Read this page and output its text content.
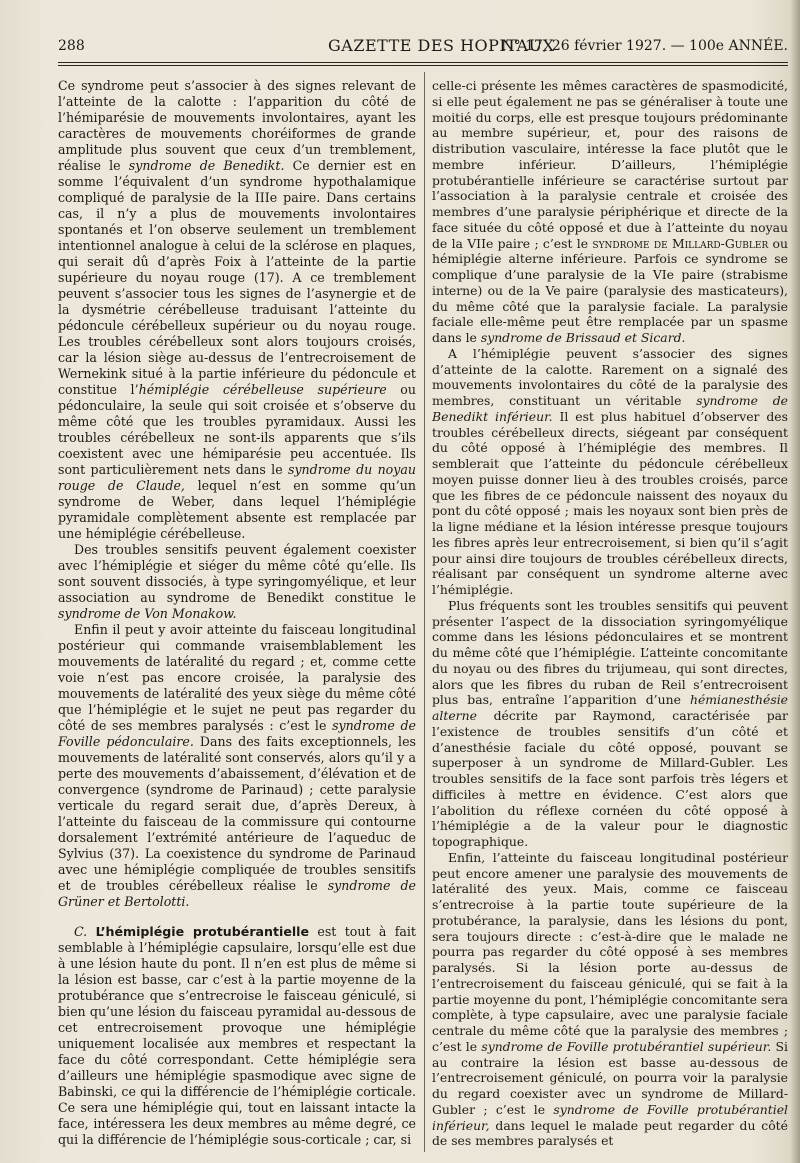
288	GAZETTE DES HOPITAUX
N° 17, 26 février 1927. — 100e ANNÉE.

Ce syndrome peut s’associer à des signes relevant de l’atteinte de la calotte : l’apparition du côté de l’hémiparésie de mouvements involontaires, ayant les caractères de mouvements choréiformes de grande amplitude plus souvent que ceux d’un tremblement, réalise le syndrome de Benedikt. Ce dernier est en somme l’équivalent d’un syndrome hypothalamique compliqué de paralysie de la IIIe paire. Dans certains cas, il n’y a plus de mouvements involontaires spontanés et l’on observe seulement un tremblement intentionnel analogue à celui de la sclérose en plaques, qui serait dû d’après Foix à l’atteinte de la partie supérieure du noyau rouge (17). A ce tremblement peuvent s’associer tous les signes de l’asynergie et de la dysmétrie cérébelleuse traduisant l’atteinte du pédoncule cérébelleux supérieur ou du noyau rouge. Les troubles cérébelleux sont alors toujours croisés, car la lésion siège au-dessus de l’entrecroisement de Wernekink situé à la partie inférieure du pédoncule et constitue l’hémiplégie cérébelleuse supérieure ou pédonculaire, la seule qui soit croisée et s’observe du même côté que les troubles pyramidaux. Aussi les troubles cérébelleux ne sont-ils apparents que s’ils coexistent avec une hémiparésie peu accentuée. Ils sont particulièrement nets dans le syndrome du noyau rouge de Claude, lequel n’est en somme qu’un syndrome de Weber, dans lequel l’hémiplégie pyramidale complètement absente est remplacée par une hémiplégie cérébelleuse.

Des troubles sensitifs peuvent également coexister avec l’hémiplégie et siéger du même côté qu’elle. Ils sont souvent dissociés, à type syringomyélique, et leur association au syndrome de Benedikt constitue le syndrome de Von Monakow.

Enfin il peut y avoir atteinte du faisceau longitudinal postérieur qui commande vraisemblablement les mouvements de latéralité du regard ; et, comme cette voie n’est pas encore croisée, la paralysie des mouvements de latéralité des yeux siège du même côté que l’hémiplégie et le sujet ne peut pas regarder du côté de ses membres paralysés : c’est le syndrome de Foville pédonculaire. Dans des faits exceptionnels, les mouvements de latéralité sont conservés, alors qu’il y a perte des mouvements d’abaissement, d’élévation et de convergence (syndrome de Parinaud) ; cette paralysie verticale du regard serait due, d’après Dereux, à l’atteinte du faisceau de la commissure qui contourne dorsalement l’extrémité antérieure de l’aqueduc de Sylvius (37). La coexistence du syndrome de Parinaud avec une hémiplégie compliquée de troubles sensitifs et de troubles cérébelleux réalise le syndrome de Grüner et Bertolotti.

C. L’hémiplégie protubérantielle est tout à fait semblable à l’hémiplégie capsulaire, lorsqu’elle est due à une lésion haute du pont. Il n’en est plus de même si la lésion est basse, car c’est à la partie moyenne de la protubérance que s’entrecroise le faisceau géniculé, si bien qu’une lésion du faisceau pyramidal au-dessous de cet entrecroisement provoque une hémiplégie uniquement localisée aux membres et respectant la face du côté correspondant. Cette hémiplégie sera d’ailleurs une hémiplégie spasmodique avec signe de Babinski, ce qui la différencie de l’hémiplégie corticale. Ce sera une hémiplégie qui, tout en laissant intacte la face, intéressera les deux membres au même degré, ce qui la différencie de l’hémiplégie sous-corticale ; car, si

celle-ci présente les mêmes caractères de spasmodicité, si elle peut également ne pas se généraliser à toute une moitié du corps, elle est presque toujours prédominante au membre supérieur, et, pour des raisons de distribution vasculaire, intéresse la face plutôt que le membre inférieur. D’ailleurs, l’hémiplégie protubérantielle inférieure se caractérise surtout par l’association à la paralysie centrale et croisée des membres d’une paralysie périphérique et directe de la face située du côté opposé et due à l’atteinte du noyau de la VIIe paire ; c’est le syndrome de Millard-Gubler ou hémiplégie alterne inférieure. Parfois ce syndrome se complique d’une paralysie de la VIe paire (strabisme interne) ou de la Ve paire (paralysie des masticateurs), du même côté que la paralysie faciale. La paralysie faciale elle-même peut être remplacée par un spasme dans le syndrome de Brissaud et Sicard.

A l’hémiplégie peuvent s’associer des signes d’atteinte de la calotte. Rarement on a signalé des mouvements involontaires du côté de la paralysie des membres, constituant un véritable syndrome de Benedikt inférieur. Il est plus habituel d’observer des troubles cérébelleux directs, siégeant par conséquent du côté opposé à l’hémiplégie des membres. Il semblerait que l’atteinte du pédoncule cérébelleux moyen puisse donner lieu à des troubles croisés, parce que les fibres de ce pédoncule naissent des noyaux du pont du côté opposé ; mais les noyaux sont bien près de la ligne médiane et la lésion intéresse presque toujours les fibres après leur entrecroisement, si bien qu’il s’agit pour ainsi dire toujours de troubles cérébelleux directs, réalisant par conséquent un syndrome alterne avec l’hémiplégie.

Plus fréquents sont les troubles sensitifs qui peuvent présenter l’aspect de la dissociation syringomyélique comme dans les lésions pédonculaires et se montrent du même côté que l’hémiplégie. L’atteinte concomitante du noyau ou des fibres du trijumeau, qui sont directes, alors que les fibres du ruban de Reil s’entrecroisent plus bas, entraîne l’apparition d’une hémianesthésie alterne décrite par Raymond, caractérisée par l’existence de troubles sensitifs d’un côté et d’anesthésie faciale du côté opposé, pouvant se superposer à un syndrome de Millard-Gubler. Les troubles sensitifs de la face sont parfois très légers et difficiles à mettre en évidence. C’est alors que l’abolition du réflexe cornéen du côté opposé à l’hémiplégie a de la valeur pour le diagnostic topographique.

Enfin, l’atteinte du faisceau longitudinal postérieur peut encore amener une paralysie des mouvements de latéralité des yeux. Mais, comme ce faisceau s’entrecroise à la partie toute supérieure de la protubérance, la paralysie, dans les lésions du pont, sera toujours directe : c’est-à-dire que le malade ne pourra pas regarder du côté opposé à ses membres paralysés. Si la lésion porte au-dessus de l’entrecroisement du faisceau géniculé, qui se fait à la partie moyenne du pont, l’hémiplégie concomitante sera complète, à type capsulaire, avec une paralysie faciale centrale du même côté que la paralysie des membres ; c’est le syndrome de Foville protubérantiel supérieur. Si au contraire la lésion est basse au-dessous de l’entrecroisement géniculé, on pourra voir la paralysie du regard coexister avec un syndrome de Millard-Gubler ; c’est le syndrome de Foville protubérantiel inférieur, dans lequel le malade peut regarder du côté de ses membres paralysés et
